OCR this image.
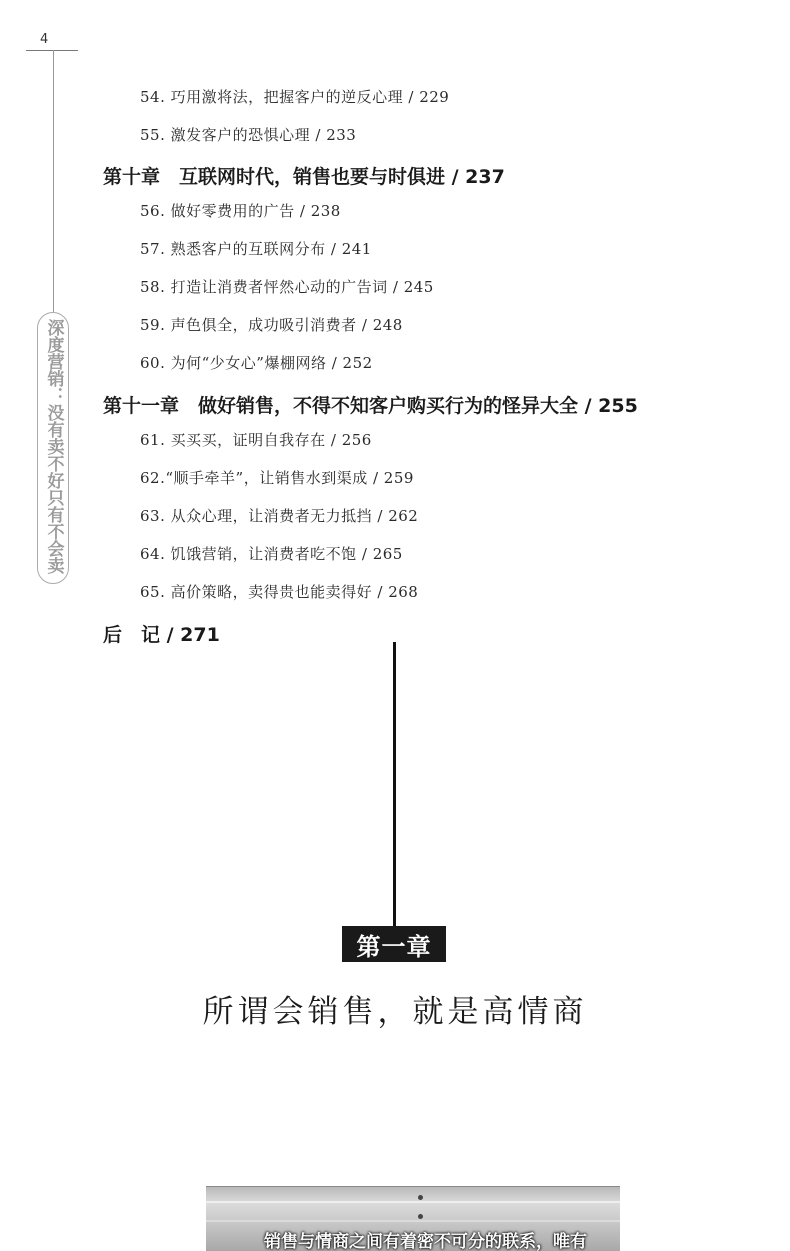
4
深度营销：没有卖不好只有不会卖
54. 巧用激将法，把握客户的逆反心理 / 229
55. 激发客户的恐惧心理 / 233
第十章　互联网时代，销售也要与时俱进 / 237
56. 做好零费用的广告 / 238
57. 熟悉客户的互联网分布 / 241
58. 打造让消费者怦然心动的广告词 / 245
59. 声色俱全，成功吸引消费者 / 248
60. 为何“少女心”爆棚网络 / 252
第十一章　做好销售，不得不知客户购买行为的怪异大全 / 255
61. 买买买，证明自我存在 / 256
62.“顺手牵羊”，让销售水到渠成 / 259
63. 从众心理，让消费者无力抵挡 / 262
64. 饥饿营销，让消费者吃不饱 / 265
65. 高价策略，卖得贵也能卖得好 / 268
后　记 / 271
第一章
所谓会销售，就是高情商
销售与情商之间有着密不可分的联系，唯有
